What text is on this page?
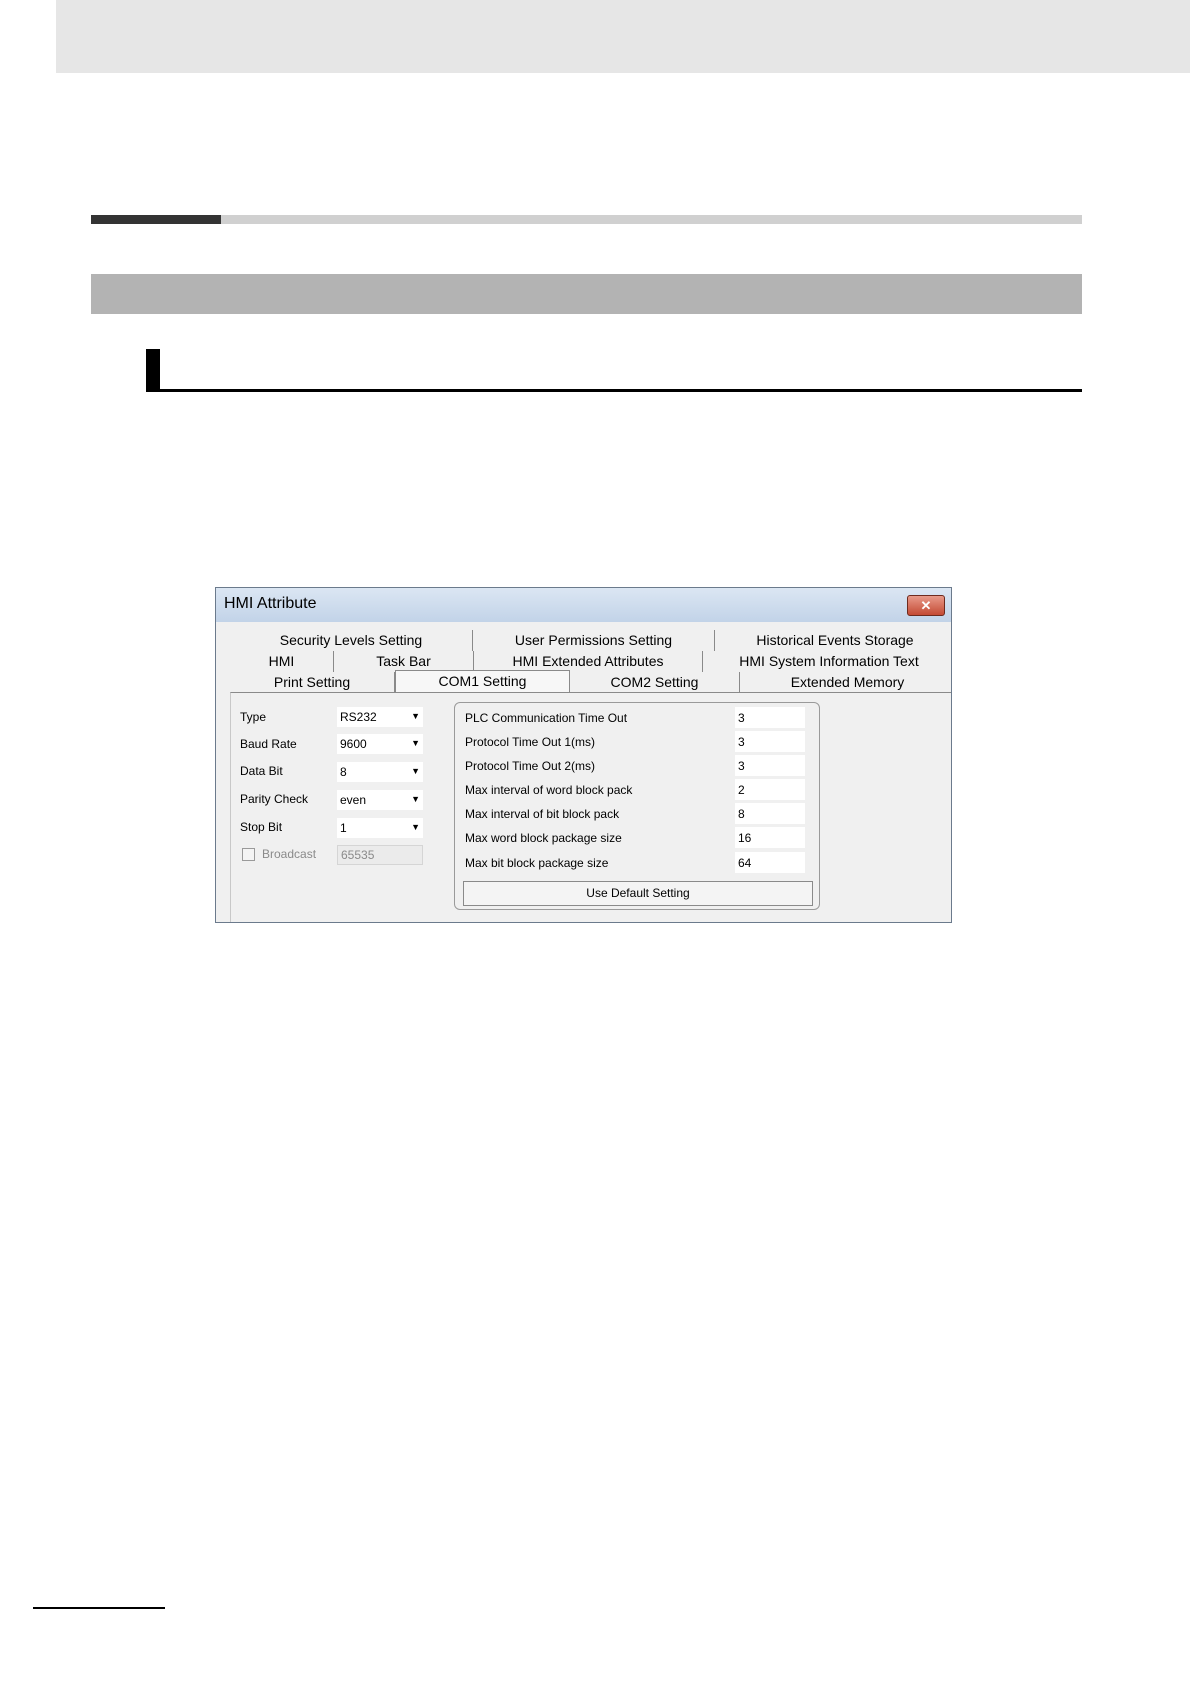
HMI Attribute	✕
Security Levels Setting	User Permissions Setting	Historical Events Storage
HMI	Task Bar	HMI Extended Attributes	HMI System Information Text
Print Setting	COM1 Setting	COM2 Setting	Extended Memory
Type	RS232	▼
Baud Rate	9600	▼
Data Bit	8	▼
Parity Check	even	▼
Stop Bit	1	▼
Broadcast 65535
PLC Communication Time Out	3
Protocol Time Out 1(ms)	3
Protocol Time Out 2(ms)	3
Max interval of word block pack	2
Max interval of bit block pack	8
Max word block package size	16
Max bit block package size	64
Use Default Setting
